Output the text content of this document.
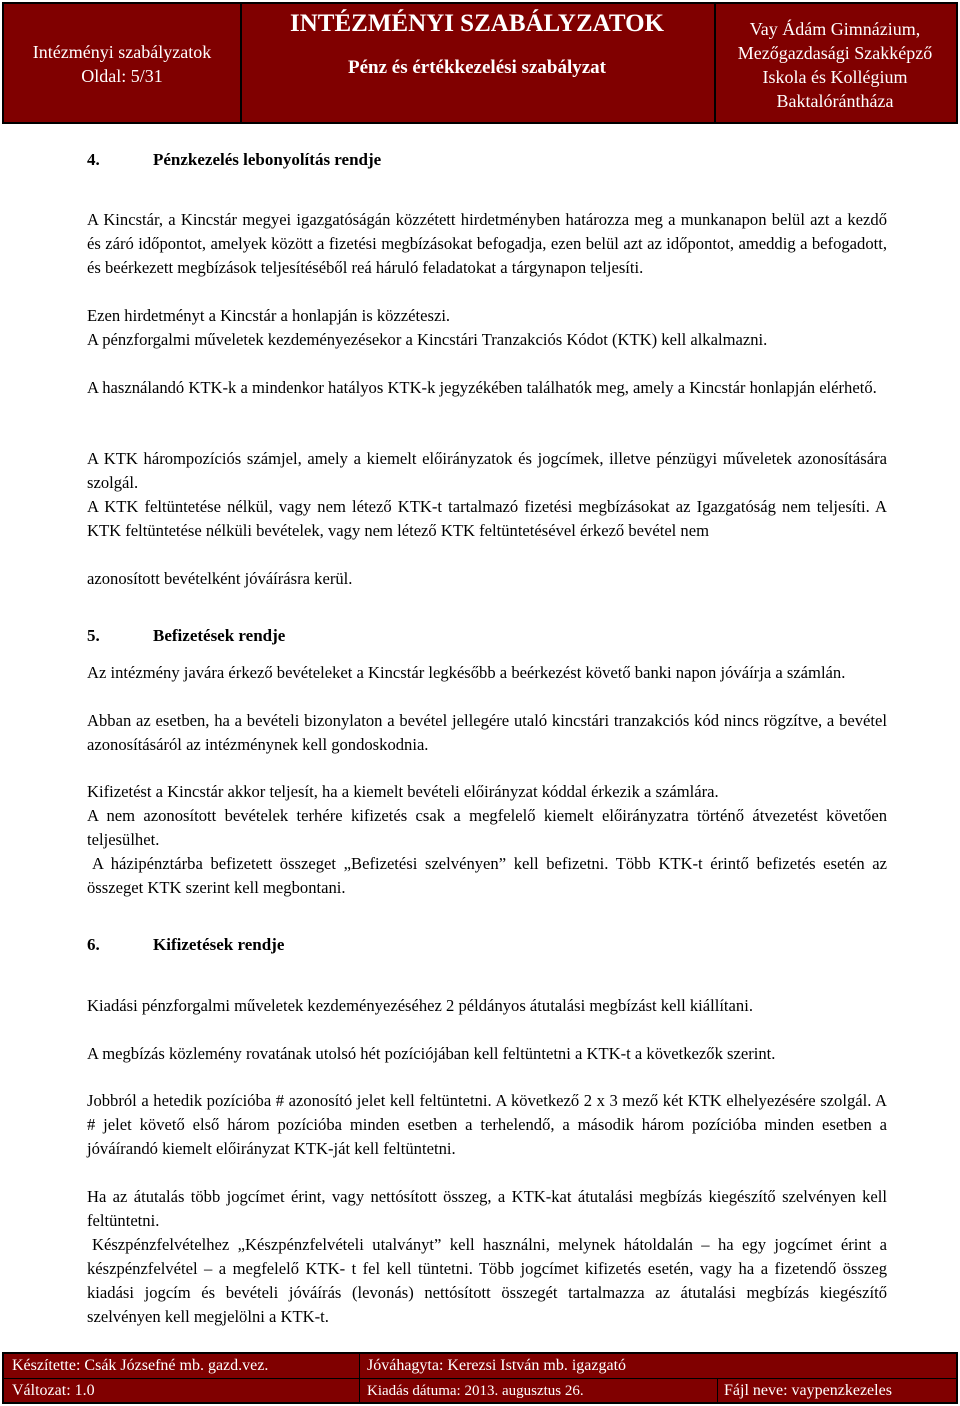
Intézményi szabályzatok
Oldal: 5/31
INTÉZMÉNYI SZABÁLYZATOK
Pénz és értékkezelési szabályzat
Vay Ádám Gimnázium,
Mezőgazdasági Szakképző
Iskola és Kollégium
Baktalórántháza
4.	Pénzkezelés lebonyolítás rendje

A Kincstár, a Kincstár megyei igazgatóságán közzétett hirdetményben határozza meg a munkanapon belül azt a kezdő és záró időpontot, amelyek között a fizetési megbízásokat befogadja, ezen belül azt az időpontot, ameddig a befogadott, és beérkezett megbízások teljesítéséből reá háruló feladatokat a tárgynapon teljesíti.

Ezen hirdetményt a Kincstár a honlapján is közzéteszi.

A pénzforgalmi műveletek kezdeményezésekor a Kincstári Tranzakciós Kódot (KTK) kell alkalmazni.

A használandó KTK-k a mindenkor hatályos KTK-k jegyzékében találhatók meg, amely a Kincstár honlapján elérhető.

A KTK hárompozíciós számjel, amely a kiemelt előirányzatok és jogcímek, illetve pénzügyi műveletek azonosítására szolgál.

A KTK feltüntetése nélkül, vagy nem létező KTK-t tartalmazó fizetési megbízásokat az Igazgatóság nem teljesíti. A KTK feltüntetése nélküli bevételek, vagy nem létező KTK feltüntetésével érkező bevétel nem

azonosított bevételként jóváírásra kerül.

5.	Befizetések rendje

Az intézmény javára érkező bevételeket a Kincstár legkésőbb a beérkezést követő banki napon jóváírja a számlán.

Abban az esetben, ha a bevételi bizonylaton a bevétel jellegére utaló kincstári tranzakciós kód nincs rögzítve, a bevétel azonosításáról az intézménynek kell gondoskodnia.

Kifizetést a Kincstár akkor teljesít, ha a kiemelt bevételi előirányzat kóddal érkezik a számlára.

A nem azonosított bevételek terhére kifizetés csak a megfelelő kiemelt előirányzatra történő átvezetést követően teljesülhet.

A házipénztárba befizetett összeget „Befizetési szelvényen” kell befizetni. Több KTK-t érintő befizetés esetén az összeget KTK szerint kell megbontani.

6.	Kifizetések rendje

Kiadási pénzforgalmi műveletek kezdeményezéséhez 2 példányos átutalási megbízást kell kiállítani.

A megbízás közlemény rovatának utolsó hét pozíciójában kell feltüntetni a KTK-t a következők szerint.

Jobbról a hetedik pozícióba # azonosító jelet kell feltüntetni. A következő 2 x 3 mező két KTK elhelyezésére szolgál. A # jelet követő első három pozícióba minden esetben a terhelendő, a második három pozícióba minden esetben a jóváírandó kiemelt előirányzat KTK-ját kell feltüntetni.

Ha az átutalás több jogcímet érint, vagy nettósított összeg, a KTK-kat átutalási megbízás kiegészítő szelvényen kell feltüntetni.

Készpénzfelvételhez „Készpénzfelvételi utalványt” kell használni, melynek hátoldalán – ha egy jogcímet érint a készpénzfelvétel – a megfelelő KTK- t fel kell tüntetni. Több jogcímet kifizetés esetén, vagy ha a fizetendő összeg kiadási jogcím és bevételi jóváírás (levonás) nettósított összegét tartalmazza az átutalási megbízás kiegészítő szelvényen kell megjelölni a KTK-t.

Készítette: Csák Józsefné mb. gazd.vez.	Jóváhagyta: Kerezsi István mb. igazgató
Változat: 1.0	Kiadás dátuma: 2013. augusztus 26.	Fájl neve: vaypenzkezeles
